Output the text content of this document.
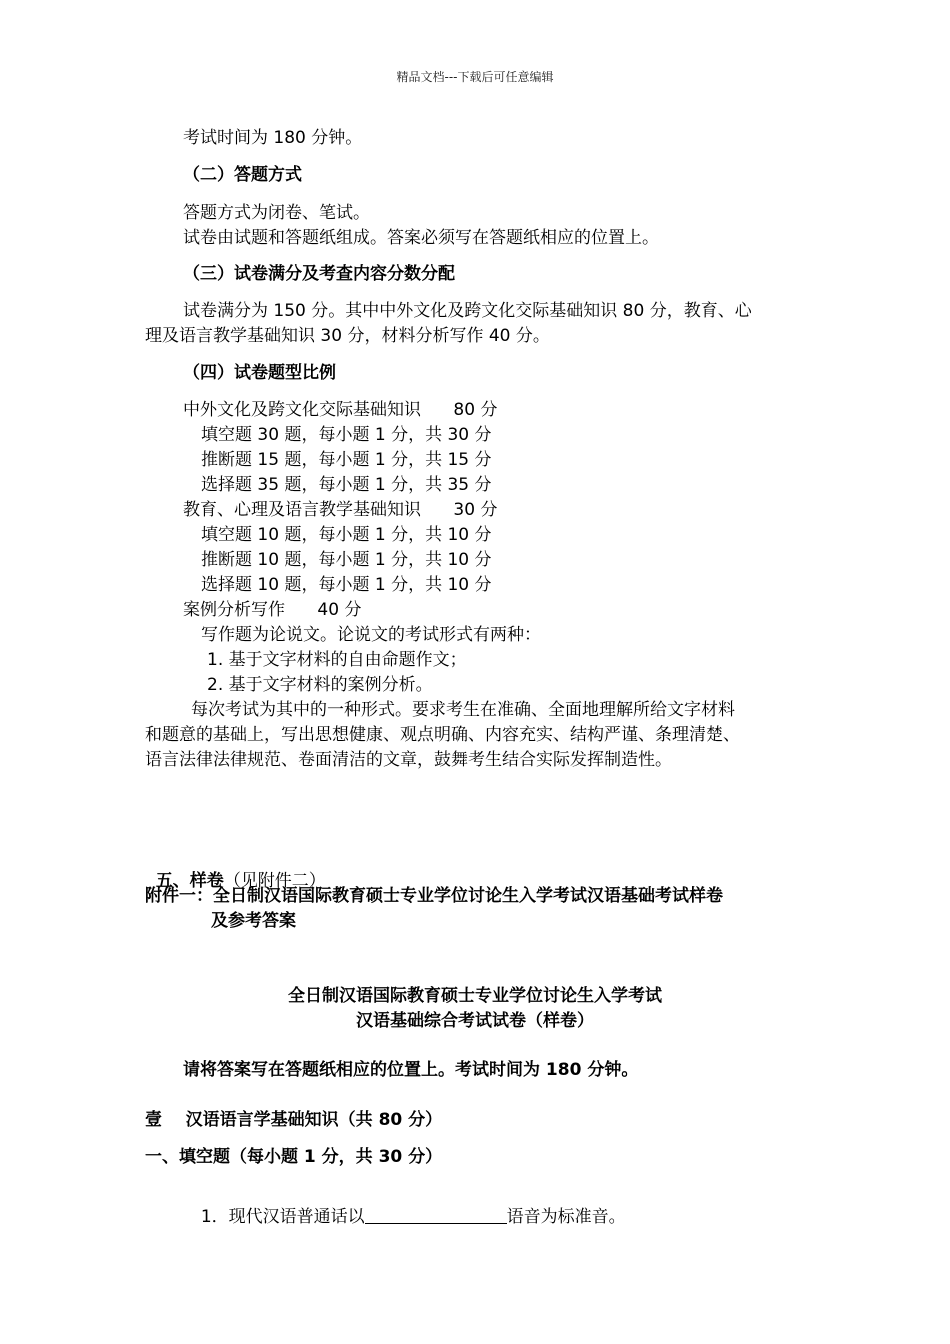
精品文档---下载后可任意编辑
考试时间为 180 分钟。
（二）答题方式
答题方式为闭卷、笔试。
试卷由试题和答题纸组成。答案必须写在答题纸相应的位置上。
（三）试卷满分及考查内容分数分配
试卷满分为 150 分。其中中外文化及跨文化交际基础知识 80 分，教育、心
理及语言教学基础知识 30 分，材料分析写作 40 分。
（四）试卷题型比例
中外文化及跨文化交际基础知识      80 分
填空题 30 题，每小题 1 分，共 30 分
推断题 15 题，每小题 1 分，共 15 分
选择题 35 题，每小题 1 分，共 35 分
教育、心理及语言教学基础知识      30 分
填空题 10 题，每小题 1 分，共 10 分
推断题 10 题，每小题 1 分，共 10 分
选择题 10 题，每小题 1 分，共 10 分
案例分析写作      40 分
写作题为论说文。论说文的考试形式有两种：
1. 基于文字材料的自由命题作文；
2. 基于文字材料的案例分析。
每次考试为其中的一种形式。要求考生在准确、全面地理解所给文字材料
和题意的基础上，写出思想健康、观点明确、内容充实、结构严谨、条理清楚、
语言法律法律规范、卷面清洁的文章，鼓舞考生结合实际发挥制造性。

五、样卷（见附件二）

附件一：全日制汉语国际教育硕士专业学位讨论生入学考试汉语基础考试样卷
及参考答案
全日制汉语国际教育硕士专业学位讨论生入学考试
汉语基础综合考试试卷（样卷）
请将答案写在答题纸相应的位置上。考试时间为 180 分钟。
壹    汉语语言学基础知识（共 80 分）
一、填空题（每小题 1 分，共 30 分）

1．现代汉语普通话以	语音为标准音。
